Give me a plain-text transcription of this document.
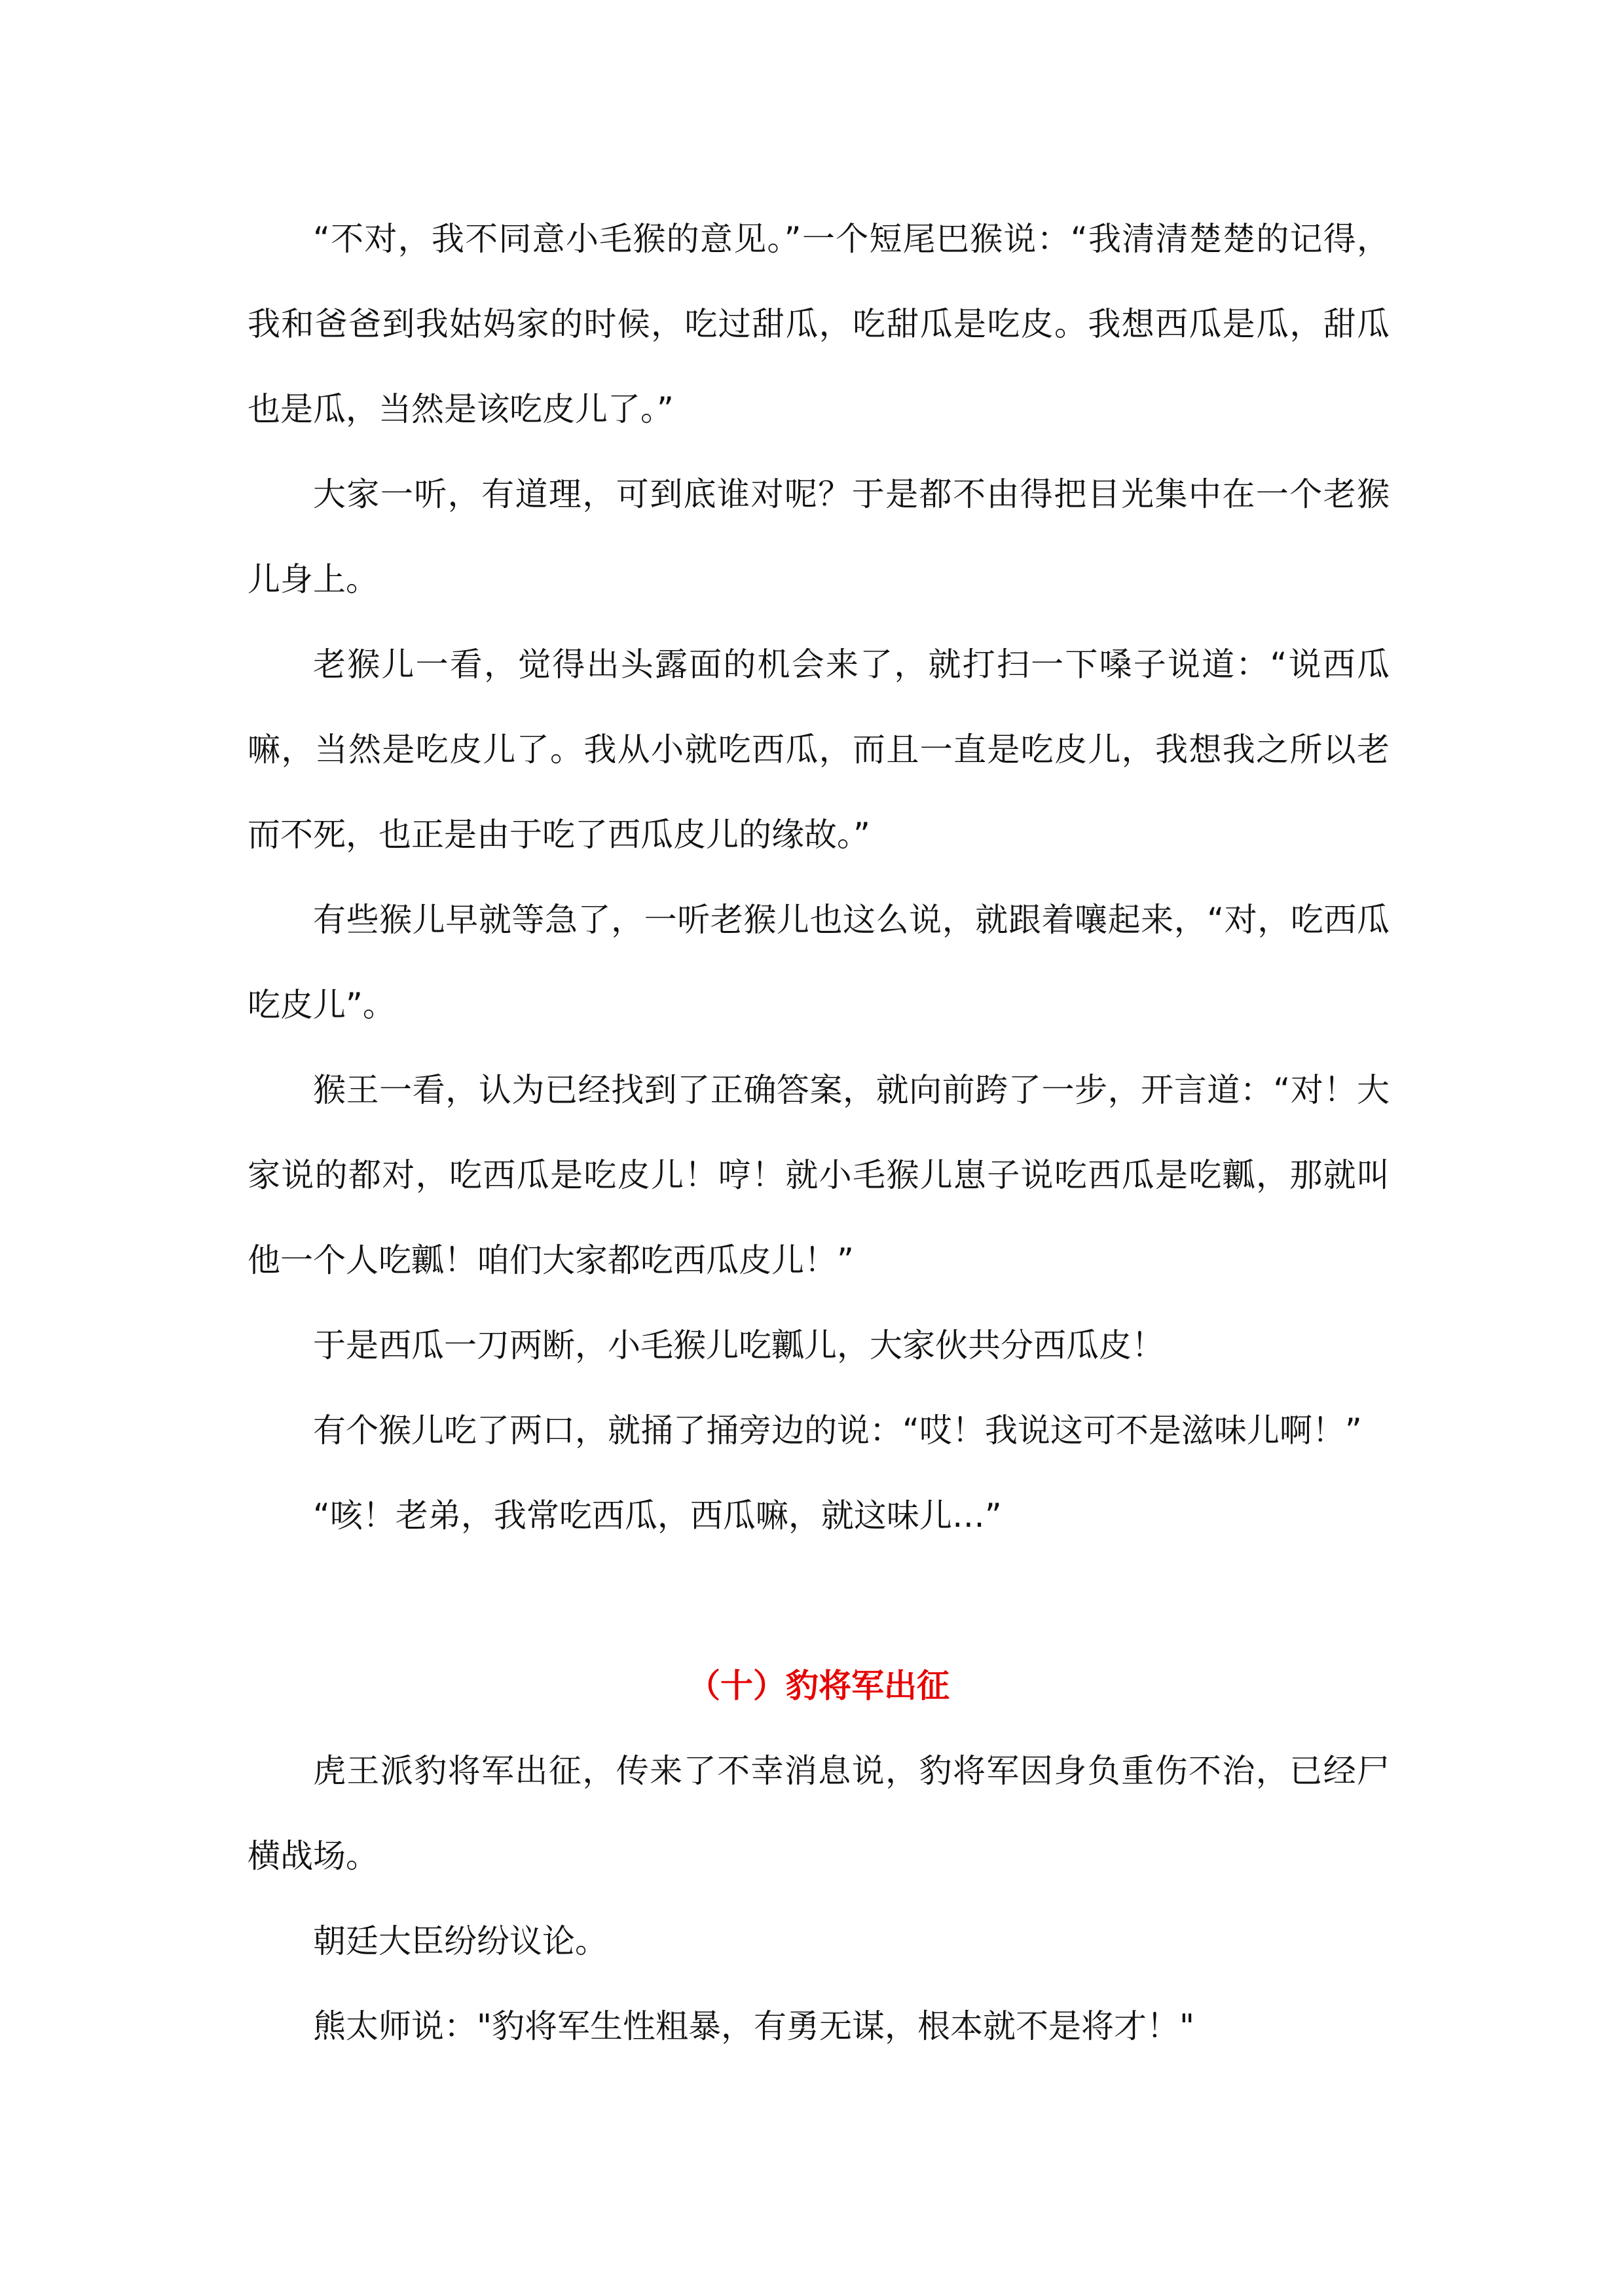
“不对，我不同意小毛猴的意见。”一个短尾巴猴说：“我清清楚楚的记得，我和爸爸到我姑妈家的时候，吃过甜瓜，吃甜瓜是吃皮。我想西瓜是瓜，甜瓜也是瓜，当然是该吃皮儿了。”

大家一听，有道理，可到底谁对呢？于是都不由得把目光集中在一个老猴儿身上。

老猴儿一看，觉得出头露面的机会来了，就打扫一下嗓子说道：“说西瓜嘛，当然是吃皮儿了。我从小就吃西瓜，而且一直是吃皮儿，我想我之所以老而不死，也正是由于吃了西瓜皮儿的缘故。”

有些猴儿早就等急了，一听老猴儿也这么说，就跟着嚷起来，“对，吃西瓜吃皮儿”。

猴王一看，认为已经找到了正确答案，就向前跨了一步，开言道：“对！大家说的都对，吃西瓜是吃皮儿！哼！就小毛猴儿崽子说吃西瓜是吃瓤，那就叫他一个人吃瓤！咱们大家都吃西瓜皮儿！”

于是西瓜一刀两断，小毛猴儿吃瓤儿，大家伙共分西瓜皮！

有个猴儿吃了两口，就捅了捅旁边的说：“哎！我说这可不是滋味儿啊！”

“咳！老弟，我常吃西瓜，西瓜嘛，就这味儿…”

（十）豹将军出征

虎王派豹将军出征，传来了不幸消息说，豹将军因身负重伤不治，已经尸横战场。

朝廷大臣纷纷议论。

熊太师说："豹将军生性粗暴，有勇无谋，根本就不是将才！"
